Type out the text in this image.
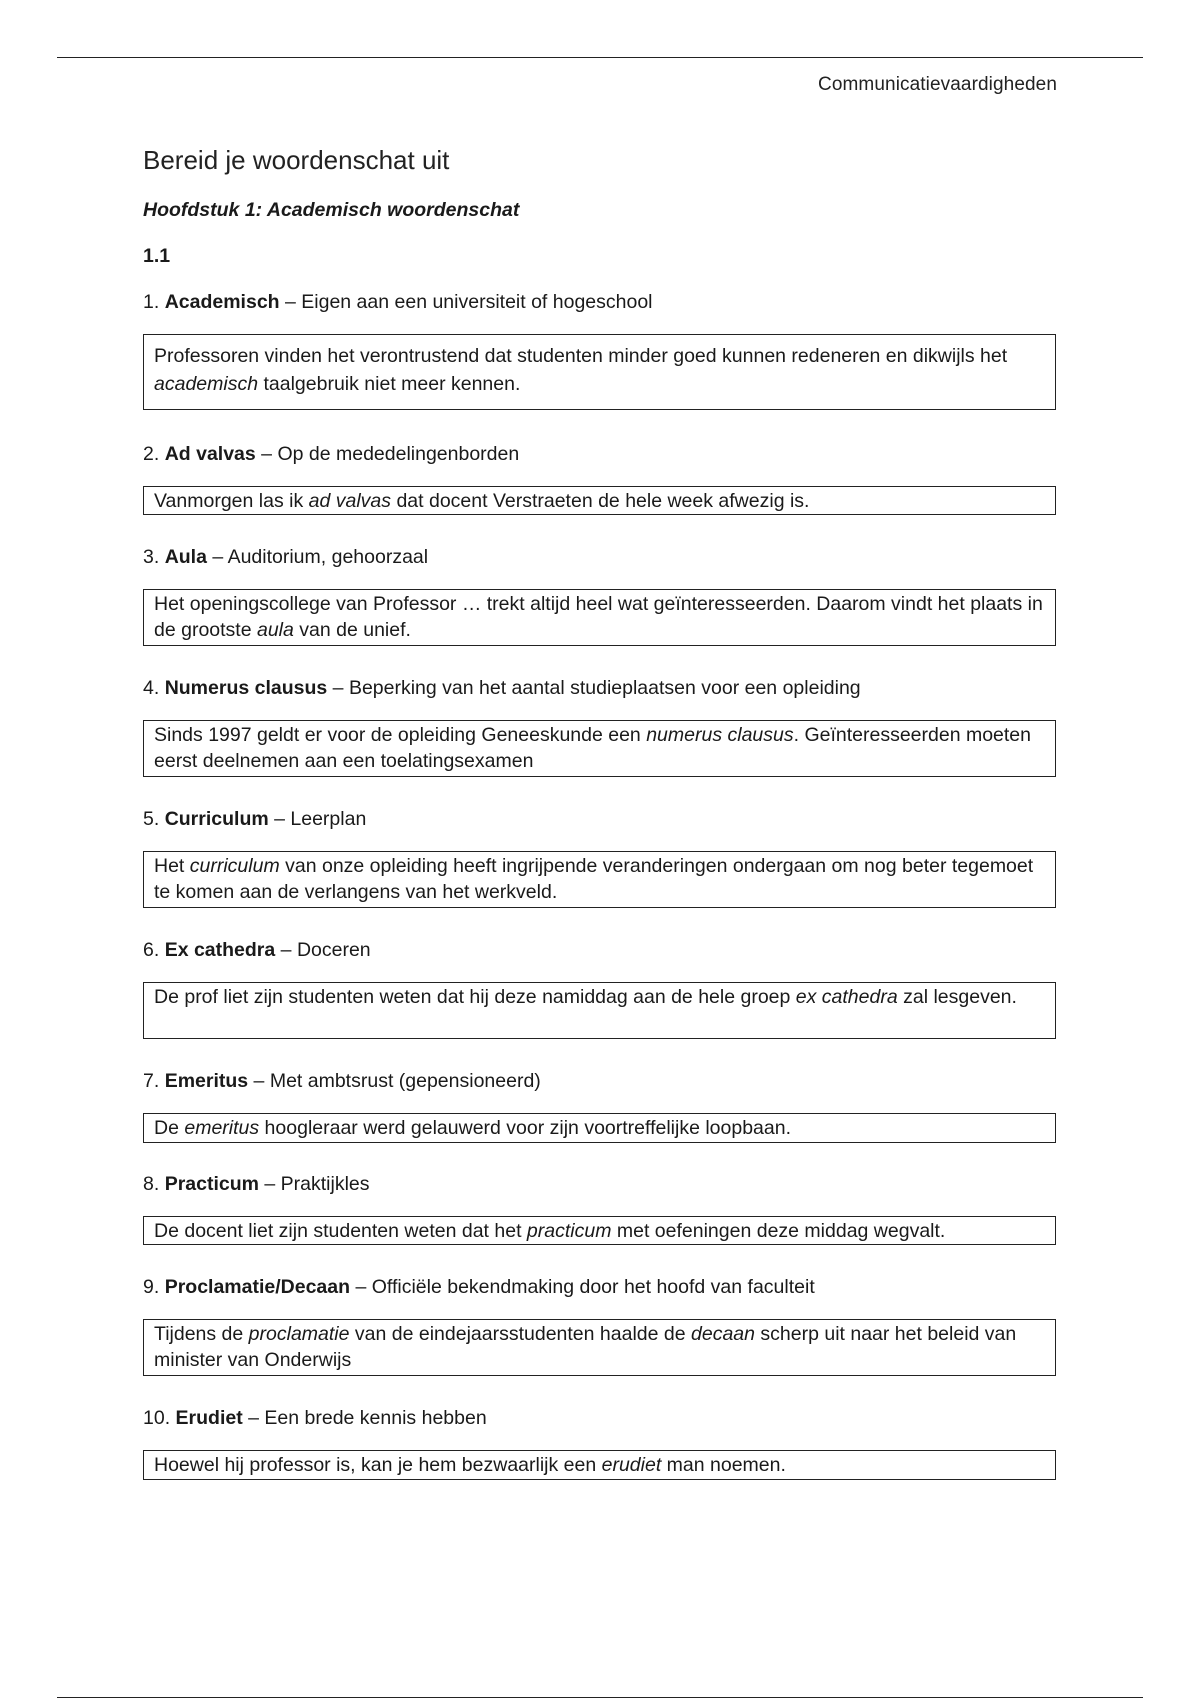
Communicatievaardigheden
Bereid je woordenschat uit
Hoofdstuk 1: Academisch woordenschat
1.1
1. Academisch – Eigen aan een universiteit of hogeschool
Professoren vinden het verontrustend dat studenten minder goed kunnen redeneren en dikwijls het academisch taalgebruik niet meer kennen.
2. Ad valvas – Op de mededelingenborden
Vanmorgen las ik ad valvas dat docent Verstraeten de hele week afwezig is.
3. Aula – Auditorium, gehoorzaal
Het openingscollege van Professor … trekt altijd heel wat geïnteresseerden. Daarom vindt het plaats in de grootste aula van de unief.
4. Numerus clausus – Beperking van het aantal studieplaatsen voor een opleiding
Sinds 1997 geldt er voor de opleiding Geneeskunde een numerus clausus. Geïnteresseerden moeten eerst deelnemen aan een toelatingsexamen
5. Curriculum – Leerplan
Het curriculum van onze opleiding heeft ingrijpende veranderingen ondergaan om nog beter tegemoet te komen aan de verlangens van het werkveld.
6. Ex cathedra – Doceren
De prof liet zijn studenten weten dat hij deze namiddag aan de hele groep ex cathedra zal lesgeven.
7. Emeritus – Met ambtsrust (gepensioneerd)
De emeritus hoogleraar werd gelauwerd voor zijn voortreffelijke loopbaan.
8. Practicum – Praktijkles
De docent liet zijn studenten weten dat het practicum met oefeningen deze middag wegvalt.
9. Proclamatie/Decaan – Officiële bekendmaking door het hoofd van faculteit
Tijdens de proclamatie van de eindejaarsstudenten haalde de decaan scherp uit naar het beleid van minister van Onderwijs
10. Erudiet – Een brede kennis hebben
Hoewel hij professor is, kan je hem bezwaarlijk een erudiet man noemen.
